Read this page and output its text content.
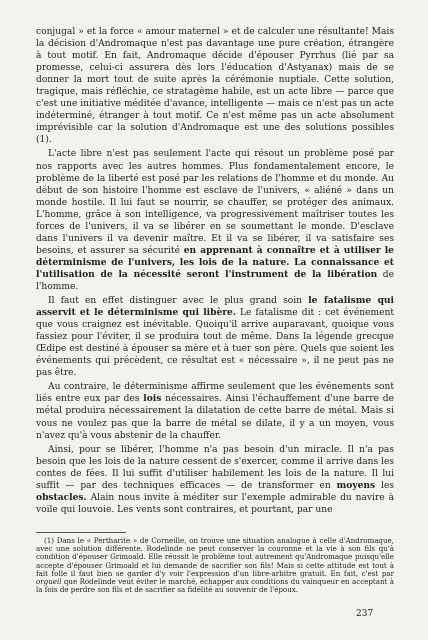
conjugal » et la force « amour maternel » et de calculer une résultante! Mais la décision d'Andromaque n'est pas davantage une pure création, étrangère à tout motif. En fait, Andromaque décide d'épouser Pyrrhus (lié par sa promesse, celui-ci assurera dès lors l'éducation d'Astyanax) mais de se donner la mort tout de suite après la cérémonie nuptiale. Cette solution, tragique, mais réfléchie, ce stratagème habile, est un acte libre — parce que c'est une initiative méditée d'avance, intelligente — mais ce n'est pas un acte indéterminé, étranger à tout motif. Ce n'est même pas un acte absolument imprévisible car la solution d'Andromaque est une des solutions possibles (1).

L'acte libre n'est pas seulement l'acte qui résout un problème posé par nos rapports avec les autres hommes. Plus fondamentalement encore, le problème de la liberté est posé par les relations de l'homme et du monde. Au début de son histoire l'homme est esclave de l'univers, « aliéné » dans un monde hostile. Il lui faut se nourrir, se chauffer, se protéger des animaux. L'homme, grâce à son intelligence, va progressivement maîtriser toutes les forces de l'univers, il va se libérer en se soumettant le monde. D'esclave dans l'univers il va devenir maître. Et il va se libérer, il va satisfaire ses besoins, et assurer sa sécurité en apprenant à connaître et à utiliser le déterminisme de l'univers, les lois de la nature. La connaissance et l'utilisation de la nécessité seront l'instrument de la libération de l'homme.

Il faut en effet distinguer avec le plus grand soin le fatalisme qui asservit et le déterminisme qui libère. Le fatalisme dit : cet événement que vous craignez est inévitable. Quoiqu'il arrive auparavant, quoique vous fassiez pour l'éviter, il se produira tout de même. Dans la légende grecque Œdipe est destiné à épouser sa mère et à tuer son père. Quels que soient les événements qui précèdent, ce résultat est « nécessaire », il ne peut pas ne pas être.

Au contraire, le déterminisme affirme seulement que les événements sont liés entre eux par des lois nécessaires. Ainsi l'échauffement d'une barre de métal produira nécessairement la dilatation de cette barre de métal. Mais si vous ne voulez pas que la barre de métal se dilate, il y a un moyen, vous n'avez qu'à vous abstenir de la chauffer.

Ainsi, pour se libérer, l'homme n'a pas besoin d'un miracle. Il n'a pas besoin que les lois de la nature cessent de s'exercer, comme il arrive dans les contes de fées. Il lui suffit d'utiliser habilement les lois de la nature. Il lui suffit — par des techniques efficaces — de transformer en moyens les obstacles. Alain nous invite à méditer sur l'exemple admirable du navire à voile qui louvoie. Les vents sont contraires, et pourtant, par une

(1) Dans le « Pertharite » de Corneille, on trouve une situation analogue à celle d'Andromaque, avec une solution différente. Rodelinde ne peut conserver la couronne et la vie à son fils qu'à condition d'épouser Grimoald. Elle réussit le problème tout autrement qu'Andromaque puisqu'elle accepte d'épouser Grimoald et lui demande de sacrifier son fils! Mais si cette attitude est tout à fait folle il faut bien se garder d'y voir l'expression d'un libre-arbitre gratuit. En fait, c'est par orgueil que Rodelinde veut éviter le marché, échapper aux conditions du vainqueur en acceptant à la fois de perdre son fils et de sacrifier sa fidélité au souvenir de l'époux.

237
